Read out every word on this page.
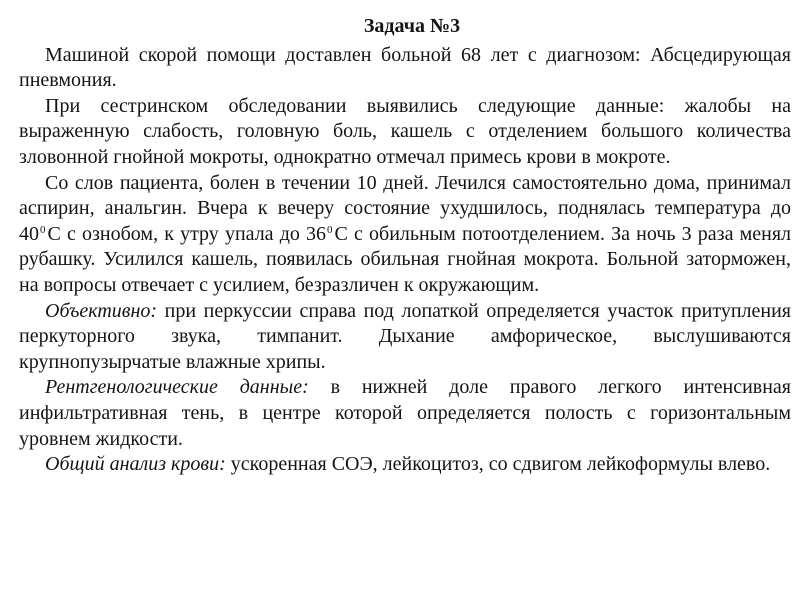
Задача №3

Машиной скорой помощи доставлен больной 68 лет с диагнозом: Абсцедирующая пневмония.

При сестринском обследовании выявились следующие данные: жалобы на выраженную слабость, головную боль, кашель с отделением большого количества зловонной гнойной мокроты, однократно отмечал примесь крови в мокроте.

Со слов пациента, болен в течении 10 дней. Лечился самостоятельно дома, принимал аспирин, анальгин. Вчера к вечеру состояние ухудшилось, поднялась температура до $40^0$ С с ознобом, к утру упала до $36^0$ С с обильным потоотделением. За ночь 3 раза менял рубашку. Усилился кашель, появилась обильная гнойная мокрота. Больной заторможен, на вопросы отвечает с усилием, безразличен к окружающим.

Объективно: при перкуссии справа под лопаткой определяется участок притупления перкуторного звука, тимпанит. Дыхание амфорическое, выслушиваются крупнопузырчатые влажные хрипы.

Рентгенологические данные: в нижней доле правого легкого интенсивная инфильтративная тень, в центре которой определяется полость с горизонтальным уровнем жидкости.

Общий анализ крови: ускоренная СОЭ, лейкоцитоз, со сдвигом лейкоформулы влево.
